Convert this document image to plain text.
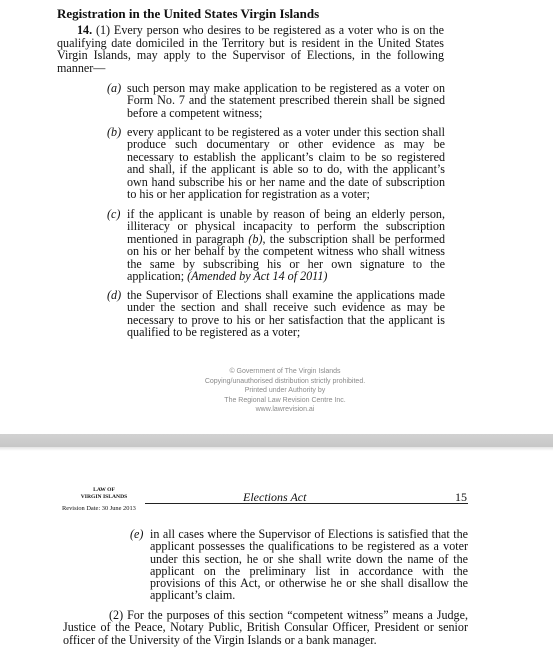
Registration in the United States Virgin Islands
14. (1) Every person who desires to be registered as a voter who is on the qualifying date domiciled in the Territory but is resident in the United States Virgin Islands, may apply to the Supervisor of Elections, in the following manner—
(a) such person may make application to be registered as a voter on Form No. 7 and the statement prescribed therein shall be signed before a competent witness;
(b) every applicant to be registered as a voter under this section shall produce such documentary or other evidence as may be necessary to establish the applicant’s claim to be so registered and shall, if the applicant is able so to do, with the applicant’s own hand subscribe his or her name and the date of subscription to his or her application for registration as a voter;
(c) if the applicant is unable by reason of being an elderly person, illiteracy or physical incapacity to perform the subscription mentioned in paragraph (b), the subscription shall be performed on his or her behalf by the competent witness who shall witness the same by subscribing his or her own signature to the application; (Amended by Act 14 of 2011)
(d) the Supervisor of Elections shall examine the applications made under the section and shall receive such evidence as may be necessary to prove to his or her satisfaction that the applicant is qualified to be registered as a voter;
© Government of The Virgin Islands
Copying/unauthorised distribution strictly prohibited.
Printed under Authority by
The Regional Law Revision Centre Inc.
www.lawrevision.ai
LAW OF
VIRGIN ISLANDS
Revision Date: 30 June 2013
Elections Act	15
(e) in all cases where the Supervisor of Elections is satisfied that the applicant possesses the qualifications to be registered as a voter under this section, he or she shall write down the name of the applicant on the preliminary list in accordance with the provisions of this Act, or otherwise he or she shall disallow the applicant’s claim.
(2) For the purposes of this section “competent witness” means a Judge, Justice of the Peace, Notary Public, British Consular Officer, President or senior officer of the University of the Virgin Islands or a bank manager.
